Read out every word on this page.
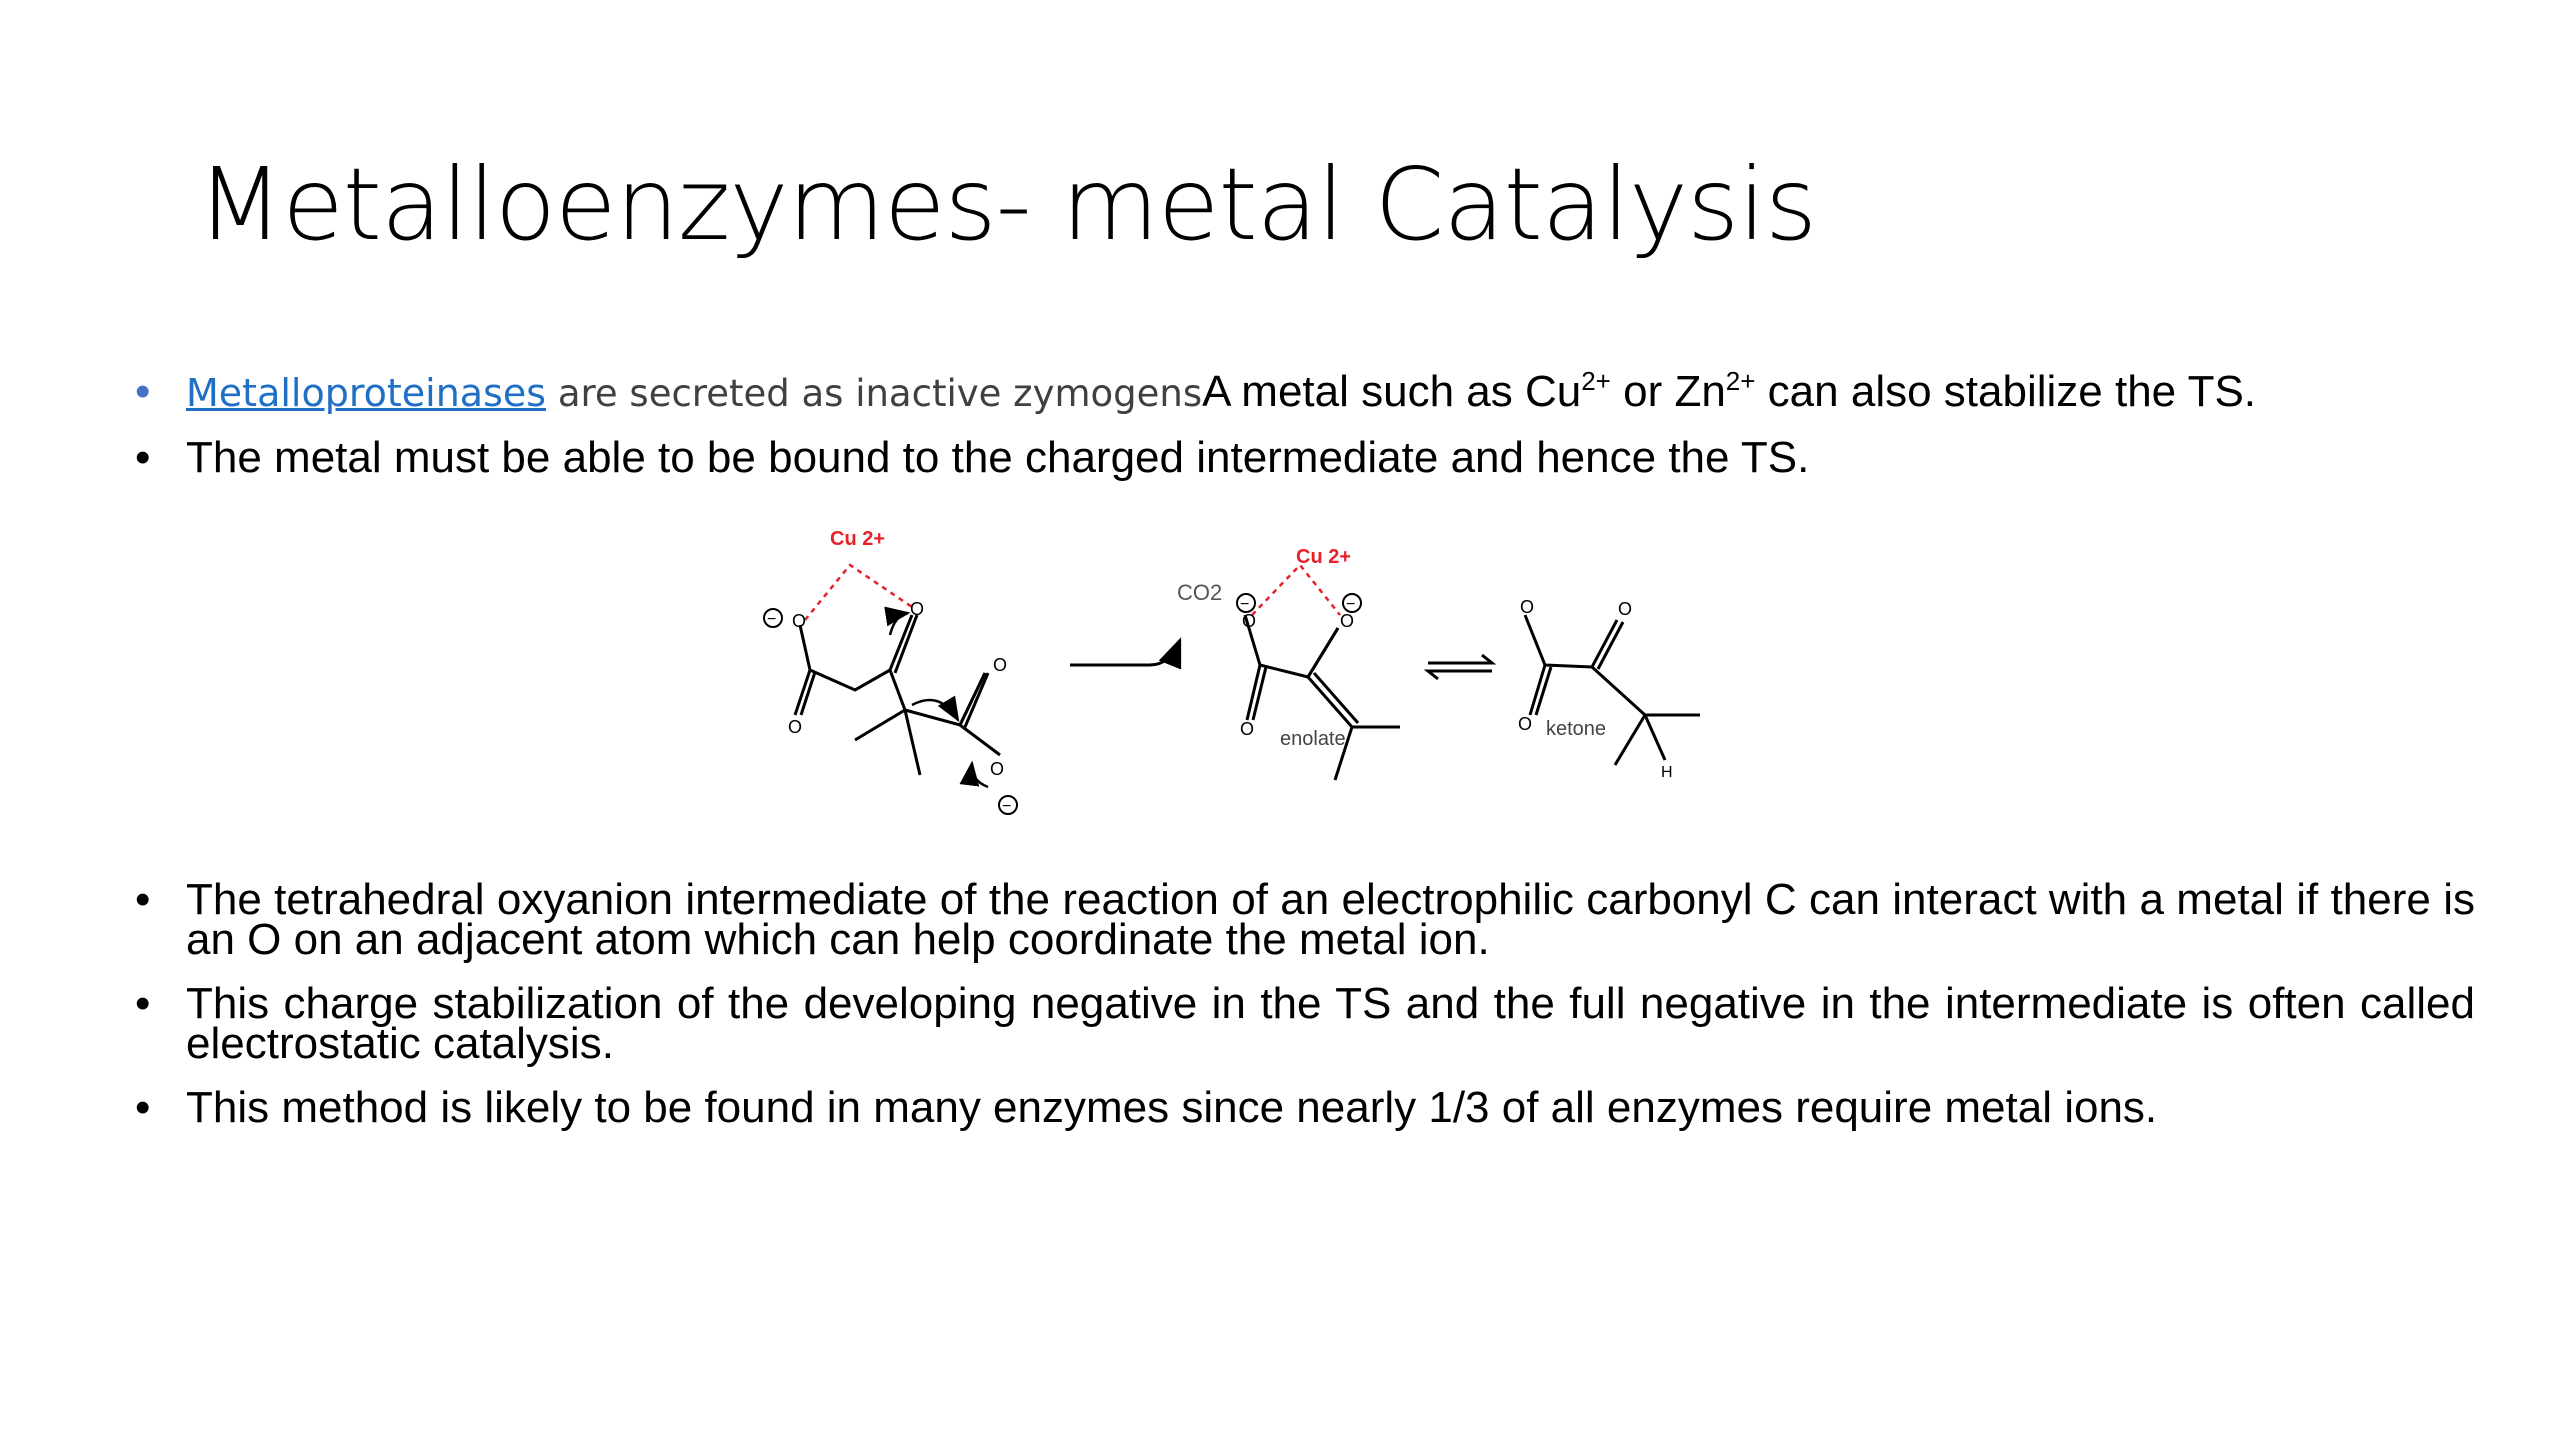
Metalloenzymes- metal Catalysis
• Metalloproteinases are secreted as inactive zymogensA metal such as $Cu^{2+}$ or $Zn^{2+}$ can also stabilize the TS.
• The metal must be able to be bound to the charged intermediate and hence the TS.
Cu 2+
O
O
O
O
O
−
−
CO2
Cu 2+
O
O
O
−	−
enolate
O
O
O
H
ketone
• The tetrahedral oxyanion intermediate of the reaction of an electrophilic carbonyl C can interact with a metal if there is an O on an adjacent atom which can help coordinate the metal ion.
• This charge stabilization of the developing negative in the TS and the full negative in the intermediate is often called electrostatic catalysis.
• This method is likely to be found in many enzymes since nearly 1/3 of all enzymes require metal ions.
